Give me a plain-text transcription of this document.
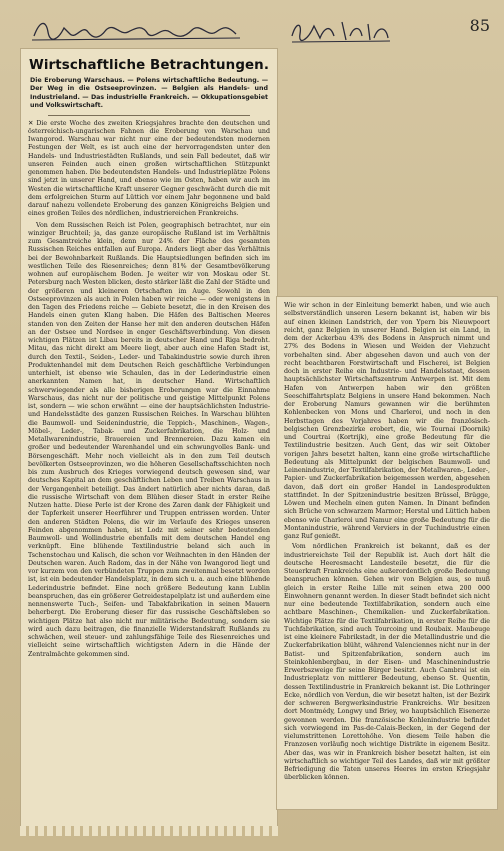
85
Wirtschaftliche Betrachtungen.
Die Eroberung Warschaus. — Polens wirtschaftliche Bedeutung. — Der Weg in die Ostseeprovinzen. — Belgien als Handels- und Industrieland. — Das industrielle Frankreich. — Okkupationsgebiet und Volkswirtschaft.

✕ Die erste Woche des zweiten Kriegsjahres brachte den deutschen und österreichisch-ungarischen Fahnen die Eroberung von Warschau und Iwangorod. Warschau war nicht nur eine der bedeutendsten modernen Festungen der Welt, es ist auch eine der hervorragendsten unter den Handels- und Industriestädten Rußlands, und sein Fall bedeutet, daß wir unseren Feinden auch einen großen wirtschaftlichen Stützpunkt genommen haben. Die bedeutendsten Handels- und Industrieplätze Polens sind jetzt in unserer Hand, und ebenso wie im Osten, haben wir auch im Westen die wirtschaftliche Kraft unserer Gegner geschwächt durch die mit dem erfolgreichen Sturm auf Lüttich vor einem Jahr begonnene und bald darauf nahezu vollendete Eroberung des ganzen Königreichs Belgien und eines großen Teiles des nördlichen, industriereichen Frankreichs.

Von dem Russischen Reich ist Polen, geographisch betrachtet, nur ein winziger Bruchteil; ja, das ganze europäische Rußland ist im Verhältnis zum Gesamtreiche klein, denn nur 24% der Fläche des gesamten Russischen Reiches entfallen auf Europa. Anders liegt aber das Verhältnis bei der Bewohnbarkeit Rußlands. Die Hauptsiedlungen befinden sich im westlichen Teile des Riesenreiches; denn 81% der Gesamtbevölkerung wohnen auf europäischem Boden. Je weiter wir von Moskau oder St. Petersburg nach Westen blicken, desto stärker läßt die Zahl der Städte und der größeren und kleineren Ortschaften im Auge. Sowohl in den Ostseeprovinzen als auch in Polen haben wir reiche — oder wenigstens in den Tagen des Friedens reiche — Gebiete besetzt, die in den Kreisen des Handels einen guten Klang haben. Die Häfen des Baltischen Meeres standen von den Zeiten der Hanse her mit den anderen deutschen Häfen an der Ostsee und Nordsee in enger Geschäftsverbindung. Von diesen wichtigen Plätzen ist Libau bereits in deutscher Hand und Riga bedroht. Mitau, das nicht direkt am Meere liegt, aber auch eine Hafen Stadt ist, durch den Textil-, Seiden-, Leder- und Tabakindustrie sowie durch ihren Produktenhandel mit dem Deutschen Reich geschäftliche Verbindungen unterhielt, ist ebenso wie Schaulen, das in der Lederindustrie einen anerkannten Namen hat, in deutscher Hand. Wirtschaftlich schwerwiegender als alle bisherigen Eroberungen war die Einnahme Warschaus, das nicht nur der politische und geistige Mittelpunkt Polens ist, sondern — wie schon erwähnt — eine der hauptsächlichsten Industrie- und Handelsstädte des ganzen Russischen Reiches. In Warschau blühten die Baumwoll- und Seidenindustrie, die Teppich-, Maschinen-, Wagen-, Möbel-, Leder-, Tabak- und Zuckerfabrikation, die Holz- und Metallwarenindustrie, Brauereien und Brennereien. Dazu kamen ein großer und bedeutender Warenhandel und ein schwungvolles Bank- und Börsengeschäft. Mehr noch vielleicht als in den zum Teil deutsch bevölkerten Ostseeprovinzen, wo die höheren Gesellschaftsschichten noch bis zum Ausbruch des Krieges vorwiegend deutsch gewesen sind, war deutsches Kapital an dem geschäftlichen Leben und Treiben Warschaus in der Vergangenheit beteiligt. Das ändert natürlich aber nichts daran, daß die russische Wirtschaft von dem Blühen dieser Stadt in erster Reihe Nutzen hatte. Diese Perle ist der Krone des Zaren dank der Fähigkeit und der Tapferkeit unserer Heerführer und Truppen entrissen worden. Unter den anderen Städten Polens, die wir im Verlaufe des Krieges unseren Feinden abgenommen haben, ist Lodz mit seiner sehr bedeutenden Baumwoll- und Wollindustrie ebenfalls mit dem deutschen Handel eng verknüpft. Eine blühende Textilindustrie beland sich auch in Tschenstochau und Kalisch, die schon vor Weihnachten in den Händen der Deutschen waren. Auch Radom, das in der Nähe von Iwangorod liegt und vor kurzem von den verbündeten Truppen zum zweitenmal besetzt worden ist, ist ein bedeutender Handelsplatz, in dem sich u. a. auch eine blühende Lederindustrie befindet. Eine noch größere Bedeutung kann Lublin beanspruchen, das ein größerer Getreidestapelplatz ist und außerdem eine nennenswerte Tuch-, Seifen- und Tabakfabrikation in seinen Mauern beherbergt. Die Eroberung dieser für das russische Geschäftsleben so wichtigen Plätze hat also nicht nur militärische Bedeutung, sondern sie wird auch dazu beitragen, die finanzielle Widerstandskraft Rußlands zu schwächen, weil steuer- und zahlungsfähige Teile des Riesenreiches und vielleicht seine wirtschaftlich wichtigsten Adern in die Hände der Zentralmächte gekommen sind.

Wie wir schon in der Einleitung bemerkt haben, und wie auch selbstverständlich unseren Lesern bekannt ist, haben wir bis auf einen kleinen Landstrich, der von Ypern bis Nieuwpoort reicht, ganz Belgien in unserer Hand. Belgien ist ein Land, in dem der Ackerbau 43% des Bodens in Anspruch nimmt und 27% des Bodens in Wiesen und Weiden der Viehzucht vorbehalten sind. Aber abgesehen davon und auch von der recht beachtbaren Forstwirtschaft und Fischerei, ist Belgien doch in erster Reihe ein Industrie- und Handelsstaat, dessen hauptsächlichster Wirtschaftszentrum Antwerpen ist. Mit dem Hafen von Antwerpen haben wir den größten Seeschiffahrtsplatz Belgiens in unsere Hand bekommen. Nach der Eroberung Namurs gewannen wir die berühmten Kohlenbecken von Mons und Charleroi, und noch in den Herbsttagen des Vorjahres haben wir die französisch-belgischen Grenzbezirke erobert, die, wie Tournai (Doornik) und Courtrai (Kortrijk), eine große Bedeutung für die Textilindustrie besitzen. Auch Gent, das wir seit Oktober vorigen Jahrs besetzt halten, kann eine große wirtschaftliche Bedeutung als Mittelpunkt der belgischen Baumwoll- und Leinenindustrie, der Textilfabrikation, der Metallwaren-, Leder-, Papier- und Zuckerfabrikation beigemessen werden, abgesehen davon, daß dort ein großer Handel in Landesprodukten stattfindet. In der Spitzenindustrie besitzen Brüssel, Brügge, Löwen und Mecheln einen guten Namen. In Dinant befinden sich Brüche von schwarzem Marmor; Herstal und Lüttich haben ebenso wie Charleroi und Namur eine große Bedeutung für die Montanindustrie, während Verviers in der Tuchindustrie einen ganz Ruf genießt.

Vom nördlichen Frankreich ist bekannt, daß es der industriereichste Teil der Republik ist. Auch dort hält die deutsche Heeresmacht Landesteile besetzt, die für die Steuerkraft Frankreichs eine außerordentlich große Bedeutung beanspruchen können. Gehen wir von Belgien aus, so muß gleich in erster Reihe Lille mit seinen etwa 200 000 Einwohnern genannt werden. In dieser Stadt befindet sich nicht nur eine bedeutende Textilfabrikation, sondern auch eine achtbare Maschinen-, Chemikalien- und Zuckerfabrikation. Wichtige Plätze für die Textilfabrikation, in erster Reihe für die Tuchfabrikation, sind auch Tourcoing und Roubaix. Maubeuge ist eine kleinere Fabrikstadt, in der die Metallindustrie und die Zuckerfabrikation blüht, während Valenciennes nicht nur in der Batist- und Spitzenfabrikation, sondern auch im Steinkohlenbergbau, in der Eisen- und Maschinenindustrie Erwerbszweige für seine Bürger besitzt. Auch Cambrai ist ein Industrieplatz von mittlerer Bedeutung, ebenso St. Quentin, dessen Textilindustrie in Frankreich bekannt ist. Die Lothringer Ecke, nördlich von Verdun, die wir besetzt halten, ist der Bezirk der schweren Bergwerksindustrie Frankreichs. Wir besitzen dort Montmédy, Longwy und Briey, wo hauptsächlich Eisenerze gewonnen werden. Die französische Kohlenindustrie befindet sich vorwiegend im Pas-de-Calais-Becken, in der Gegend der vielumstrittenen Lorettohöhe. Von diesem Teile haben die Franzosen vorläufig noch wichtige Distrikte in eigenem Besitz. Aber das, was wir in Frankreich bisher besetzt halten, ist ein wirtschaftlich so wichtiger Teil des Landes, daß wir mit größter Befriedigung die Taten unseres Heeres im ersten Kriegsjahr überblicken können.
